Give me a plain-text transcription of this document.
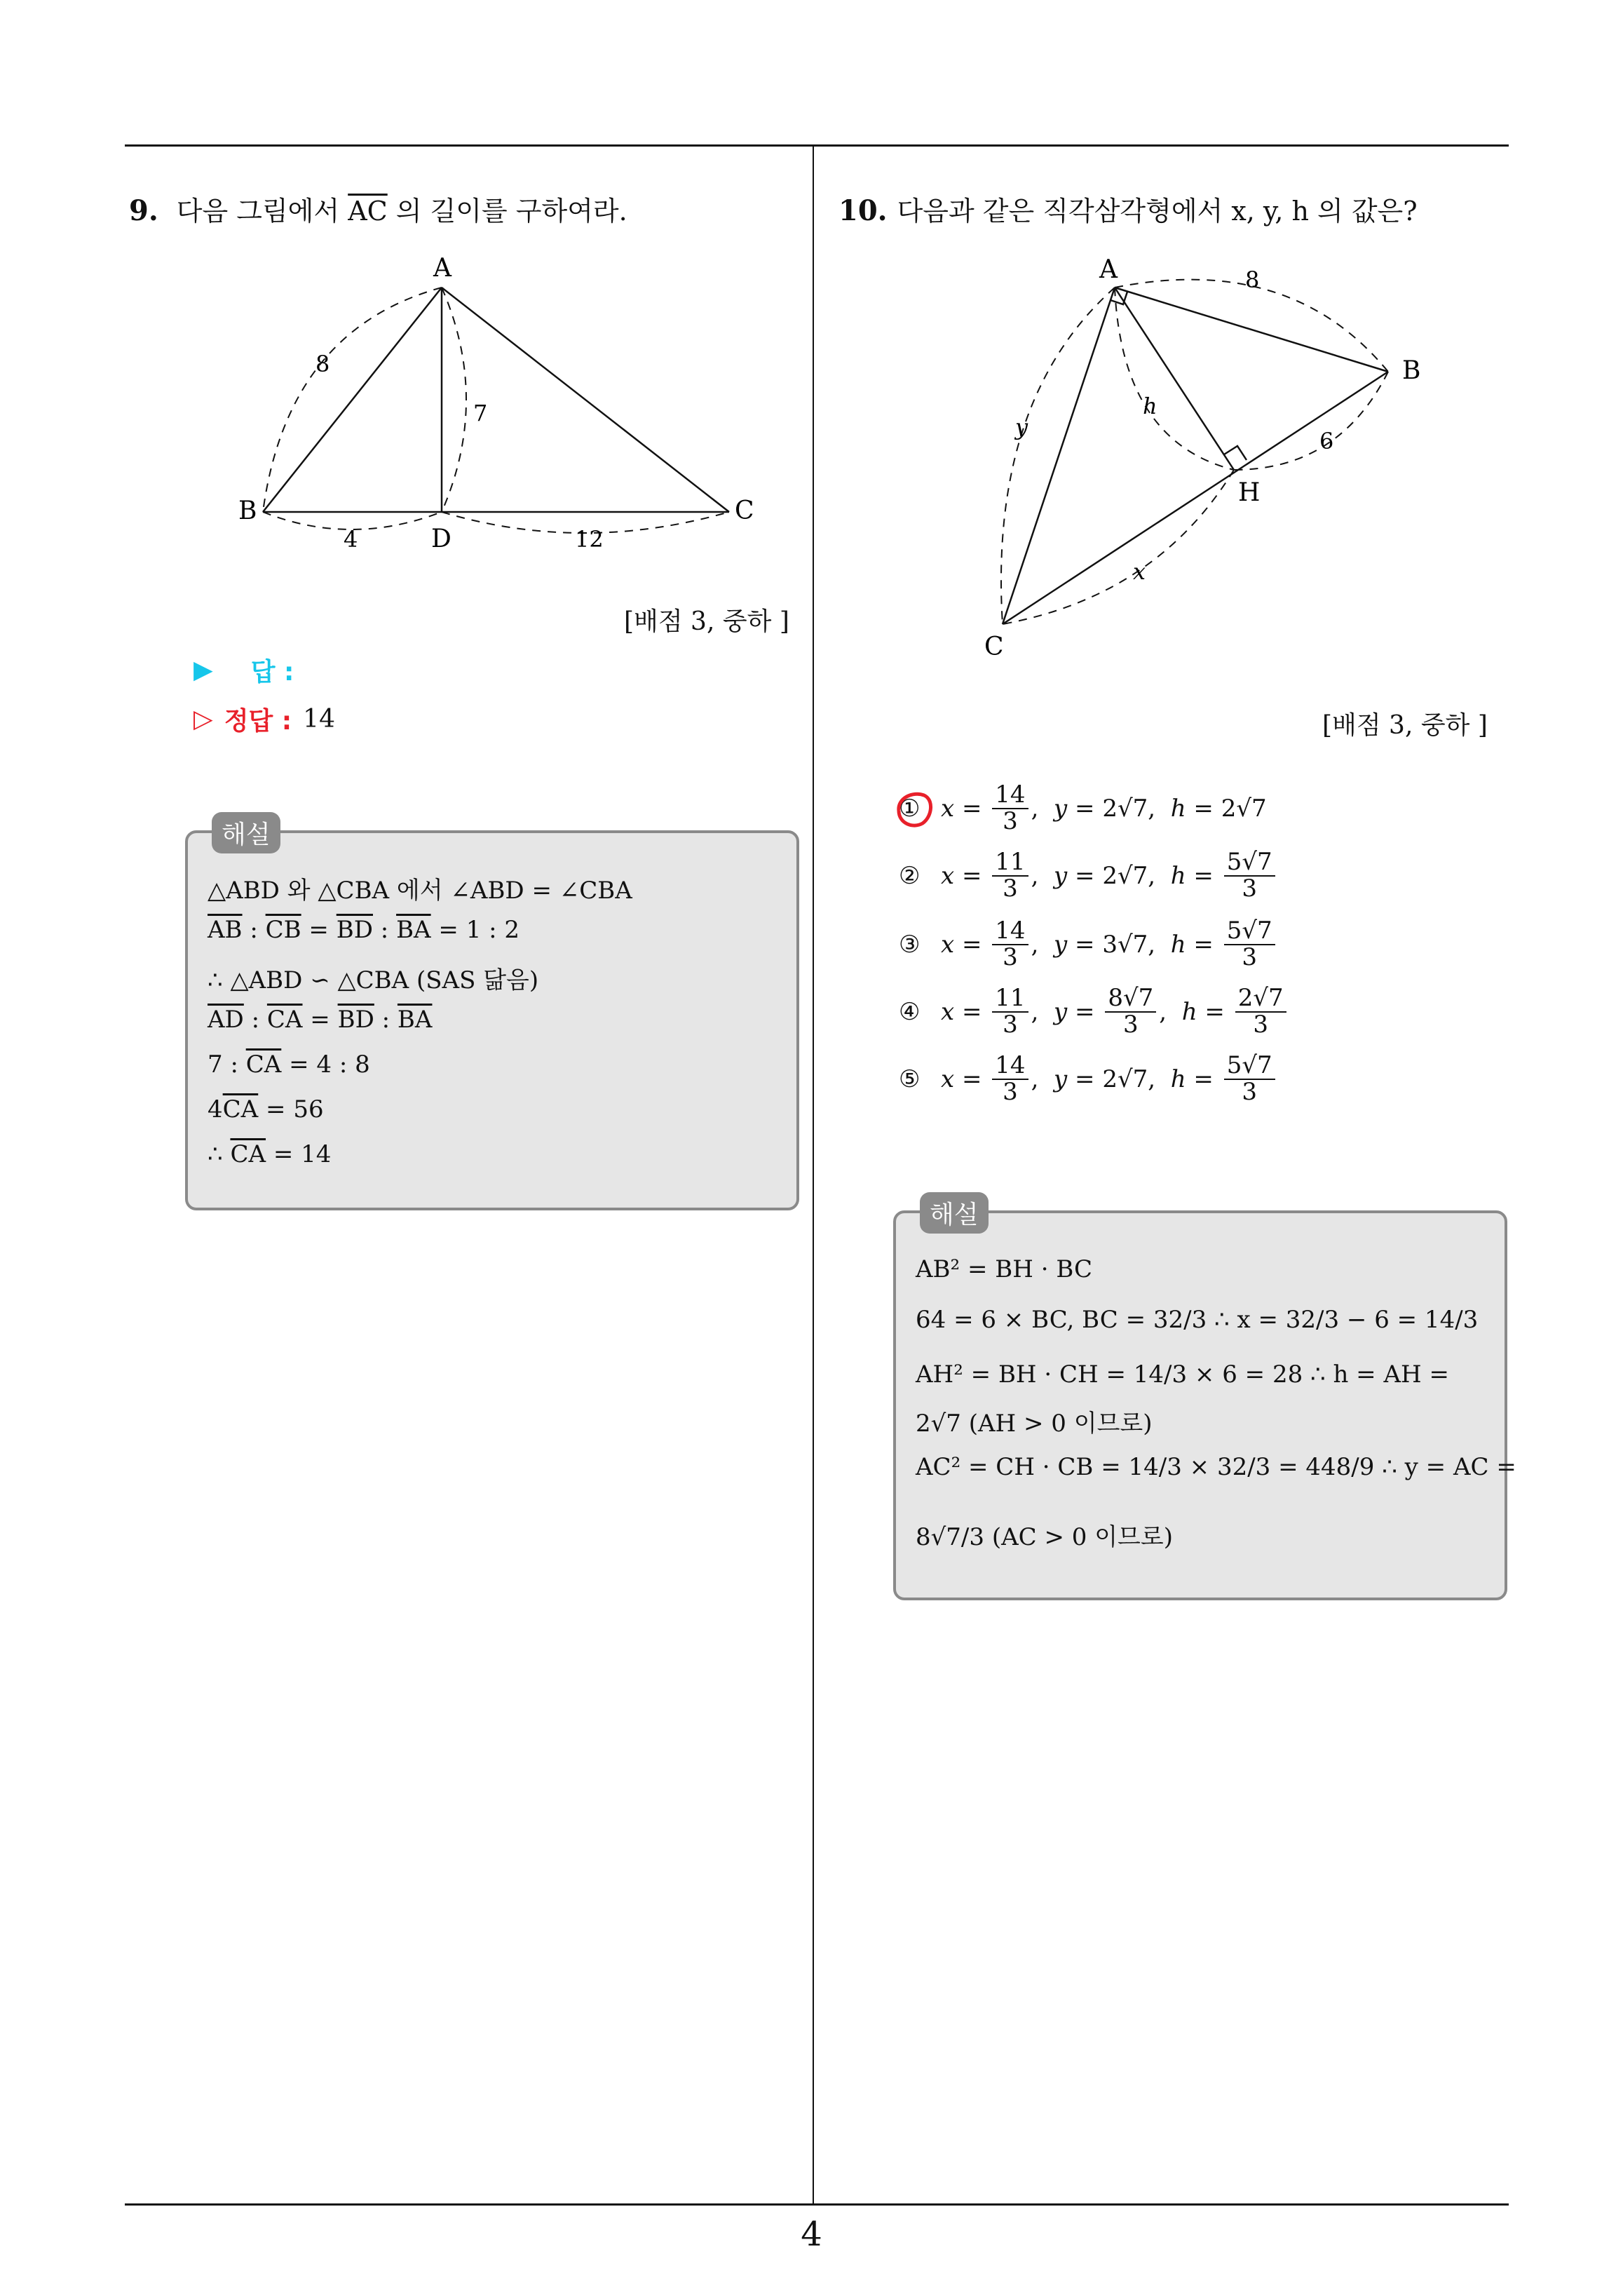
9. 다음 그림에서 $\overline{AC}$ 의 길이를 구하여라.
A
B
D
C
8
7
4	12
[배점 3, 중하 ]
▶ 답 :
▷ 정답 : 14
해설
△ABD 와 △CBA 에서 ∠ABD = ∠CBA
$\overline{AB}$ : $\overline{CB} = \overline{BD}$ : $\overline{BA} = 1$ : 2
∴ △ABD ∽ △CBA (SAS 닮음)
$\overline{AD}$ : $\overline{CA} = \overline{BD}$ : $\overline{BA}$
7 : $\overline{CA} = 4$ : 8
$4\overline{CA} = 56$
∴ $\overline{CA} = 14$
10. 다음과 같은 직각삼각형에서 x, y, h 의 값은?
A
B
H
C
8
6
h
y
x
[배점 3, 중하 ]
① $x = \frac{14}{3}$ , y = 2√7 , h = 2√7
② $x = \frac{11}{3}$ , y = 2√7 , $h = \frac{5√7}{3}$
③ $x = \frac{14}{3}$ , y = 3√7 , $h = \frac{5√7}{3}$
④ $x = \frac{11}{3}$ , $y = \frac{8√7}{3}$ , $h = \frac{2√7}{3}$
⑤ $x = \frac{14}{3}$ , y = 2√7 , $h = \frac{5√7}{3}$
해설
AB² = BH · BC
64 = 6 × BC, BC = 32/3 ∴ x = 32/3 − 6 = 14/3
AH² = BH · CH = 14/3 × 6 = 28 ∴ h = AH =
2√7 (AH > 0 이므로)
AC² = CH · CB = 14/3 × 32/3 = 448/9 ∴ y = AC =
8√7/3 (AC > 0 이므로)
4
